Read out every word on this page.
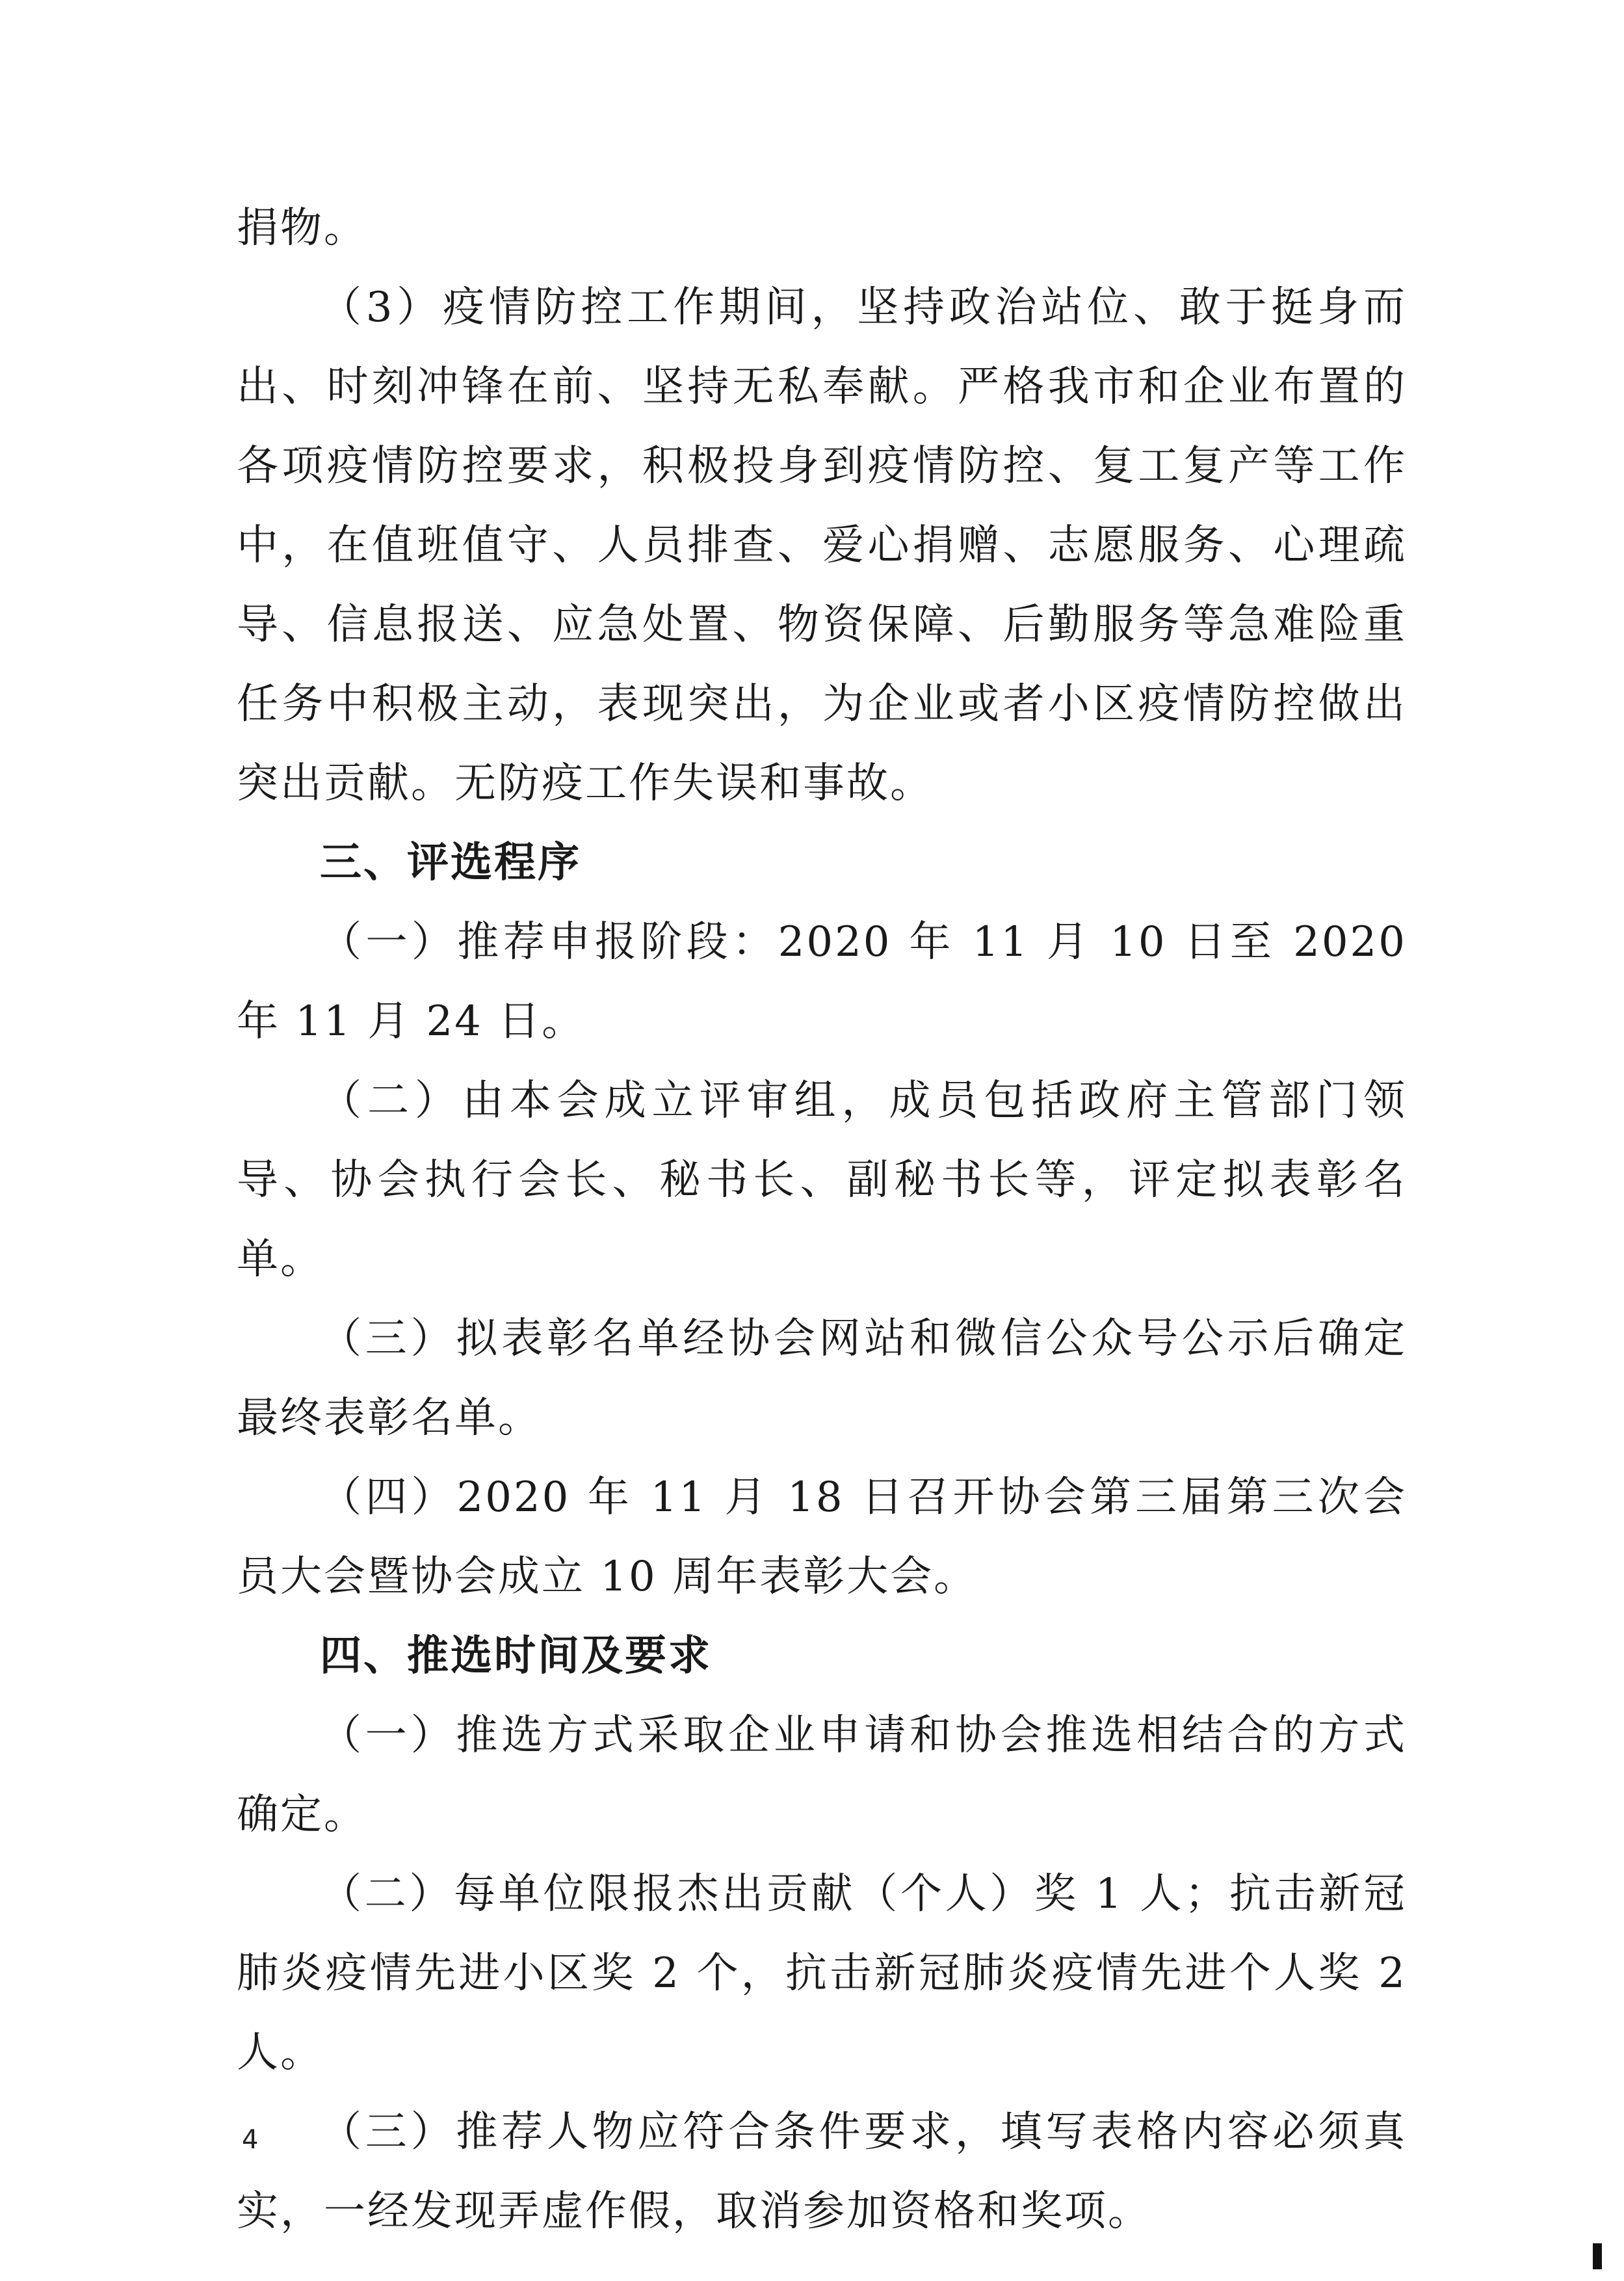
捐物。

（3）疫情防控工作期间，坚持政治站位、敢于挺身而出、时刻冲锋在前、坚持无私奉献。严格我市和企业布置的各项疫情防控要求，积极投身到疫情防控、复工复产等工作中，在值班值守、人员排查、爱心捐赠、志愿服务、心理疏导、信息报送、应急处置、物资保障、后勤服务等急难险重任务中积极主动，表现突出，为企业或者小区疫情防控做出突出贡献。无防疫工作失误和事故。

三、评选程序

（一）推荐申报阶段：2020 年 11 月 10 日至 2020 年 11 月 24 日。

（二）由本会成立评审组，成员包括政府主管部门领导、协会执行会长、秘书长、副秘书长等，评定拟表彰名单。

（三）拟表彰名单经协会网站和微信公众号公示后确定最终表彰名单。

（四）2020 年 11 月 18 日召开协会第三届第三次会员大会暨协会成立 10 周年表彰大会。

四、推选时间及要求

（一）推选方式采取企业申请和协会推选相结合的方式确定。

（二）每单位限报杰出贡献（个人）奖 1 人；抗击新冠肺炎疫情先进小区奖 2 个，抗击新冠肺炎疫情先进个人奖 2 人。

（三）推荐人物应符合条件要求，填写表格内容必须真实，一经发现弄虚作假，取消参加资格和奖项。

4
